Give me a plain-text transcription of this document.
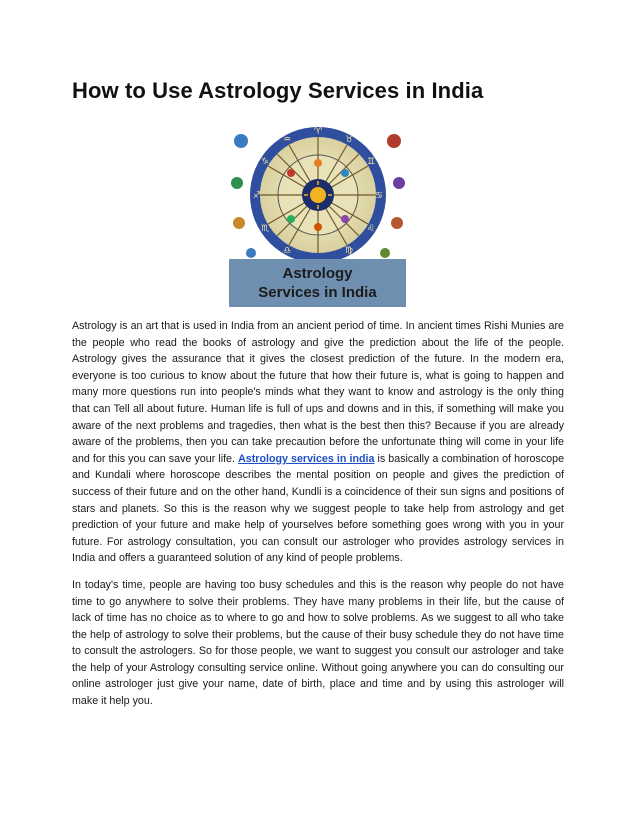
How to Use Astrology Services in India
♈
♉
♊
♋
♌
♍
♎
♏
♐
♑
♒
Astrology
Services in India

Astrology is an art that is used in India from an ancient period of time. In ancient times Rishi Munies are the people who read the books of astrology and give the prediction about the life of the people. Astrology gives the assurance that it gives the closest prediction of the future. In the modern era, everyone is too curious to know about the future that how their future is, what is going to happen and many more questions run into people's minds what they want to know and astrology is the only thing that can Tell all about future. Human life is full of ups and downs and in this, if something will make you aware of the next problems and tragedies, then what is the best then this? Because if you are already aware of the problems, then you can take precaution before the unfortunate thing will come in your life and for this you can save your life. Astrology services in india is basically a combination of horoscope and Kundali where horoscope describes the mental position on people and gives the prediction of success of their future and on the other hand, Kundli is a coincidence of their sun signs and positions of stars and planets. So this is the reason why we suggest people to take help from astrology and get prediction of your future and make help of yourselves before something goes wrong with you in your future. For astrology consultation, you can consult our astrologer who provides astrology services in India and offers a guaranteed solution of any kind of people problems.

In today's time, people are having too busy schedules and this is the reason why people do not have time to go anywhere to solve their problems. They have many problems in their life, but the cause of lack of time has no choice as to where to go and how to solve problems. As we suggest to all who take the help of astrology to solve their problems, but the cause of their busy schedule they do not have time to consult the astrologers. So for those people, we want to suggest you consult our astrologer and take the help of your Astrology consulting service online. Without going anywhere you can do consulting our online astrologer just give your name, date of birth, place and time and by using this astrologer will make it help you.
